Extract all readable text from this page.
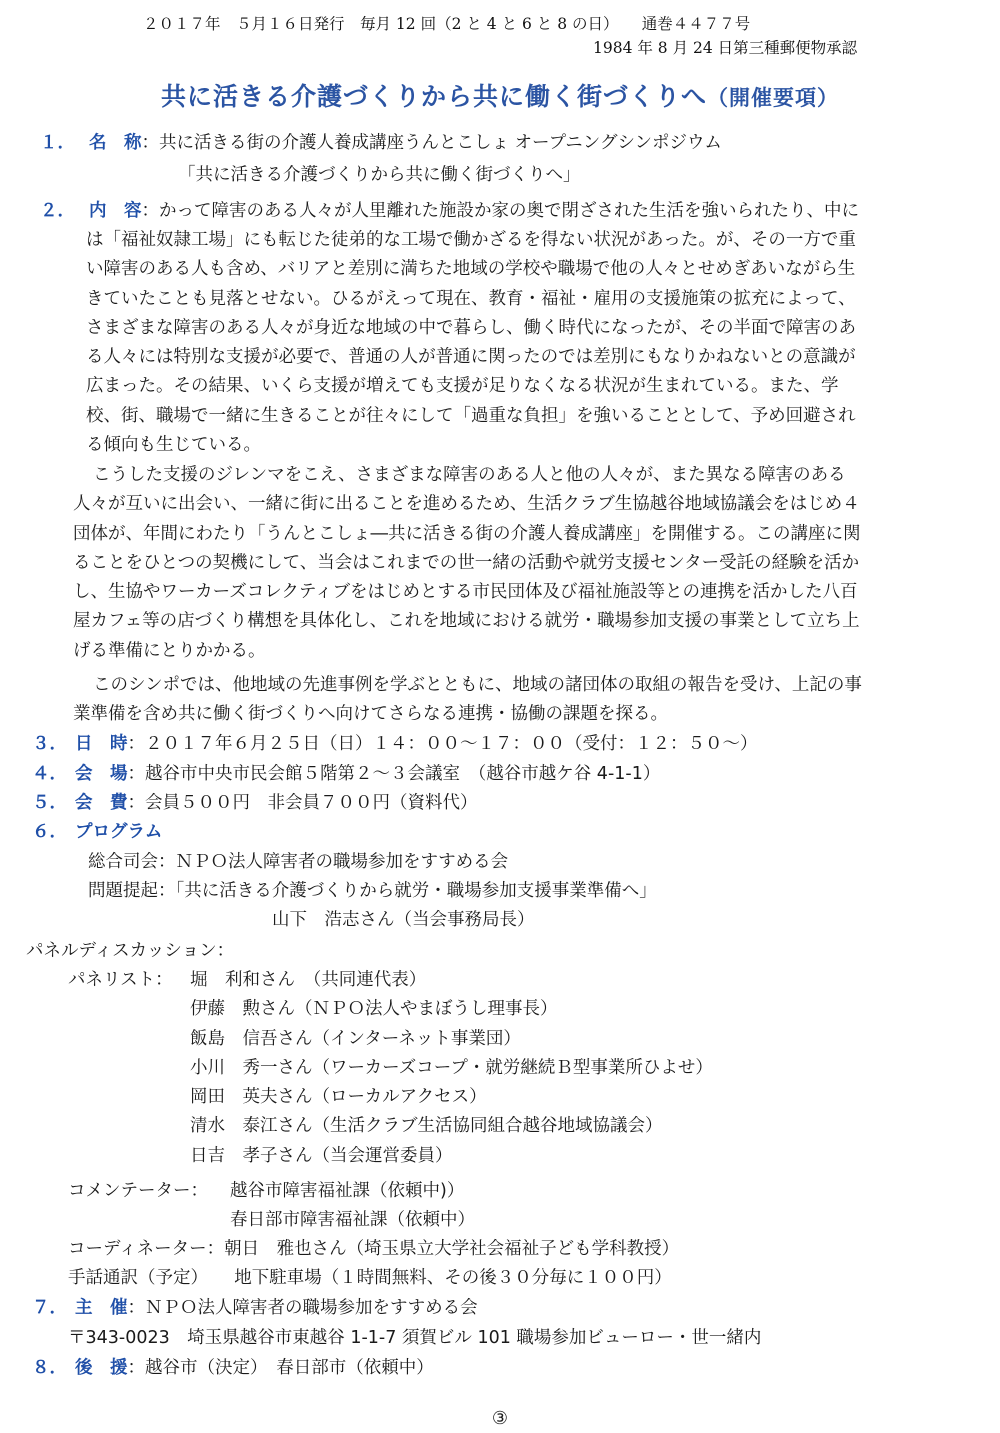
２０１７年　５月１６日発行　毎月 12 回（2 と 4 と 6 と 8 の日）　　通巻４４７７号
1984 年 8 月 24 日第三種郵便物承認
共に活きる介護づくりから共に働く街づくりへ（開催要項）
１． 名　称：共に活きる街の介護人養成講座うんとこしょ オープニングシンポジウム
「共に活きる介護づくりから共に働く街づくりへ」
２． 内　容：かって障害のある人々が人里離れた施設か家の奥で閉ざされた生活を強いられたり、中に
は「福祉奴隷工場」にも転じた徒弟的な工場で働かざるを得ない状況があった。が、その一方で重
い障害のある人も含め、バリアと差別に満ちた地域の学校や職場で他の人々とせめぎあいながら生
きていたことも見落とせない。ひるがえって現在、教育・福祉・雇用の支援施策の拡充によって、
さまざまな障害のある人々が身近な地域の中で暮らし、働く時代になったが、その半面で障害のあ
る人々には特別な支援が必要で、普通の人が普通に関ったのでは差別にもなりかねないとの意識が
広まった。その結果、いくら支援が増えても支援が足りなくなる状況が生まれている。また、学
校、街、職場で一緒に生きることが往々にして「過重な負担」を強いることとして、予め回避され
る傾向も生じている。
こうした支援のジレンマをこえ、さまざまな障害のある人と他の人々が、また異なる障害のある
人々が互いに出会い、一緒に街に出ることを進めるため、生活クラブ生協越谷地域協議会をはじめ４
団体が、年間にわたり「うんとこしょ―共に活きる街の介護人養成講座」を開催する。この講座に関
ることをひとつの契機にして、当会はこれまでの世一緒の活動や就労支援センター受託の経験を活か
し、生協やワーカーズコレクティブをはじめとする市民団体及び福祉施設等との連携を活かした八百
屋カフェ等の店づくり構想を具体化し、これを地域における就労・職場参加支援の事業として立ち上
げる準備にとりかかる。
このシンポでは、他地域の先進事例を学ぶとともに、地域の諸団体の取組の報告を受け、上記の事
業準備を含め共に働く街づくりへ向けてさらなる連携・協働の課題を探る。
３． 日　時：２０１７年６月２５日（日）１４：００～１７：００（受付：１２：５０～）
４． 会　場：越谷市中央市民会館５階第２～３会議室　（越谷市越ケ谷 4-1-1）
５． 会　費：会員５００円　非会員７００円（資料代）
６． プログラム
総合司会：ＮＰＯ法人障害者の職場参加をすすめる会
問題提起：「共に活きる介護づくりから就労・職場参加支援事業準備へ」
山下　浩志さん（当会事務局長）
パネルディスカッション：
パネリスト： 堀　利和さん　（共同連代表）
伊藤　勲さん（ＮＰＯ法人やまぼうし理事長）
飯島　信吾さん（インターネット事業団）
小川　秀一さん（ワーカーズコープ・就労継続Ｂ型事業所ひよせ）
岡田　英夫さん（ローカルアクセス）
清水　泰江さん（生活クラブ生活協同組合越谷地域協議会）
日吉　孝子さん（当会運営委員）
コメンテーター： 越谷市障害福祉課（依頼中)）
春日部市障害福祉課（依頼中）
コーディネーター：朝日　雅也さん（埼玉県立大学社会福祉子ども学科教授）
手話通訳（予定）　　地下駐車場（１時間無料、その後３０分毎に１００円）
７． 主　催：ＮＰＯ法人障害者の職場参加をすすめる会
〒343-0023　埼玉県越谷市東越谷 1-1-7 須賀ビル 101 職場参加ビューロー・世一緒内
８． 後　援：越谷市（決定）　春日部市（依頼中）
③
